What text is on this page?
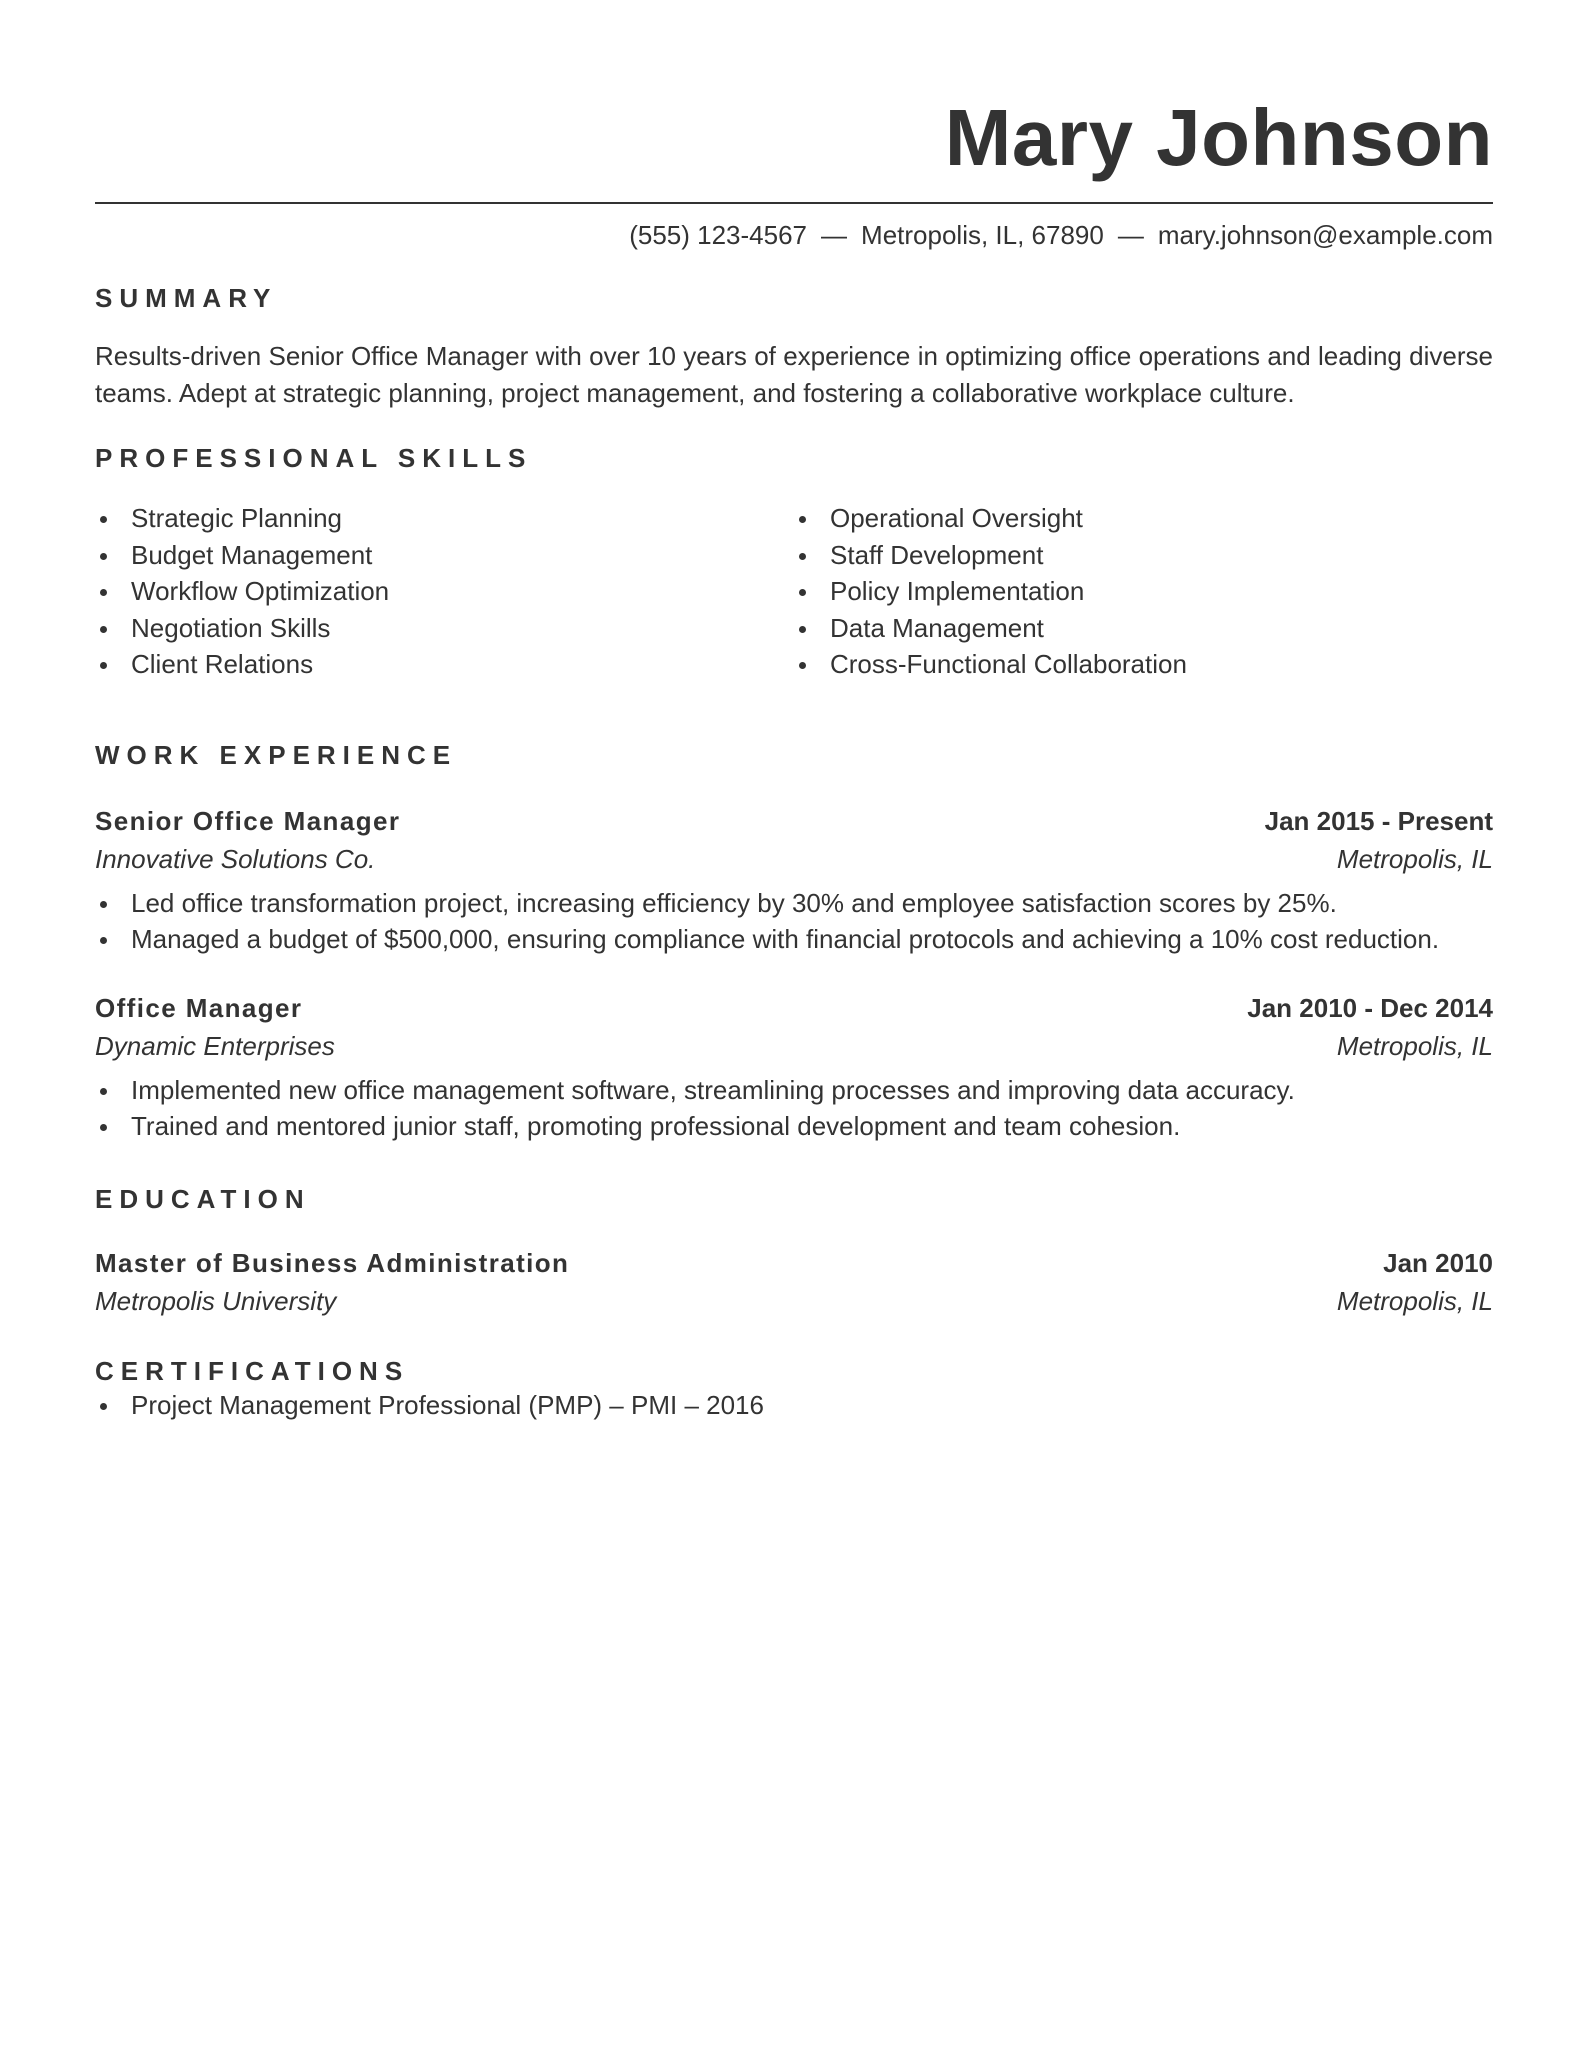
Mary Johnson
(555) 123-4567 — Metropolis, IL, 67890 — mary.johnson@example.com
SUMMARY

Results-driven Senior Office Manager with over 10 years of experience in optimizing office operations and leading diverse teams. Adept at strategic planning, project management, and fostering a collaborative workplace culture.

PROFESSIONAL SKILLS
Strategic Planning
Budget Management
Workflow Optimization
Negotiation Skills
Client Relations
Operational Oversight
Staff Development
Policy Implementation
Data Management
Cross-Functional Collaboration
WORK EXPERIENCE
Senior Office Manager	Jan 2015 - Present
Innovative Solutions Co.	Metropolis, IL
Led office transformation project, increasing efficiency by 30% and employee satisfaction scores by 25%.
Managed a budget of $500,000, ensuring compliance with financial protocols and achieving a 10% cost reduction.
Office Manager	Jan 2010 - Dec 2014
Dynamic Enterprises	Metropolis, IL
Implemented new office management software, streamlining processes and improving data accuracy.
Trained and mentored junior staff, promoting professional development and team cohesion.
EDUCATION
Master of Business Administration	Jan 2010
Metropolis University	Metropolis, IL
CERTIFICATIONS
Project Management Professional (PMP) – PMI – 2016
